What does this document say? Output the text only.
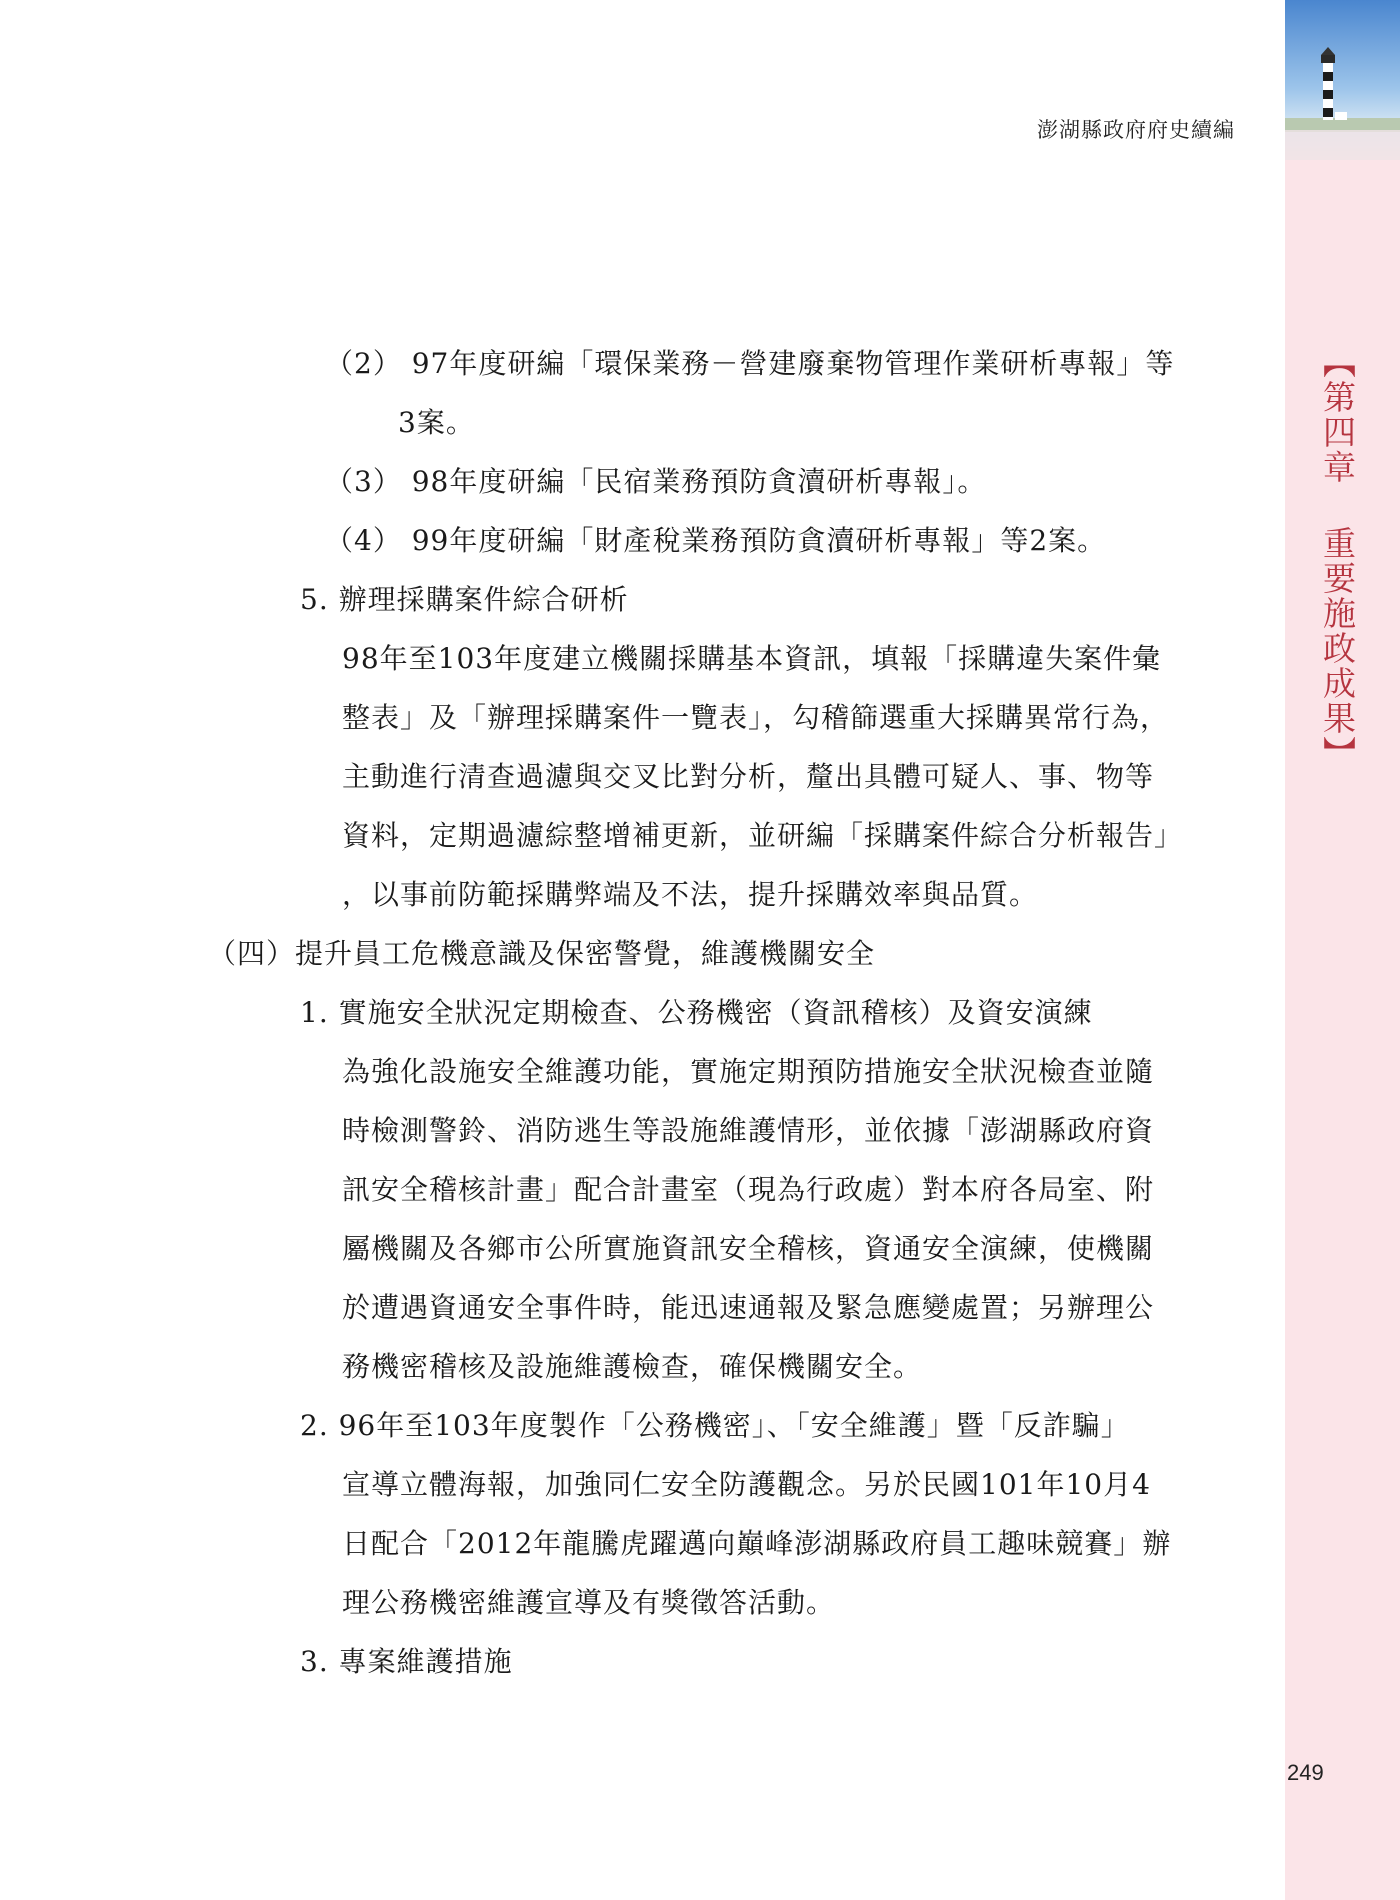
【第四章 重要施政成果】
澎湖縣政府府史續編
（2） 97年度研編「環保業務－營建廢棄物管理作業研析專報」等
3案。
（3） 98年度研編「民宿業務預防貪瀆研析專報」。
（4） 99年度研編「財產稅業務預防貪瀆研析專報」等2案。
5. 辦理採購案件綜合研析
98年至103年度建立機關採購基本資訊，填報「採購違失案件彙
整表」及「辦理採購案件一覽表」，勾稽篩選重大採購異常行為，
主動進行清查過濾與交叉比對分析，釐出具體可疑人、事、物等
資料，定期過濾綜整增補更新，並研編「採購案件綜合分析報告」
，以事前防範採購弊端及不法，提升採購效率與品質。
（四）提升員工危機意識及保密警覺，維護機關安全
1. 實施安全狀況定期檢查、公務機密（資訊稽核）及資安演練
為強化設施安全維護功能，實施定期預防措施安全狀況檢查並隨
時檢測警鈴、消防逃生等設施維護情形，並依據「澎湖縣政府資
訊安全稽核計畫」配合計畫室（現為行政處）對本府各局室、附
屬機關及各鄉市公所實施資訊安全稽核，資通安全演練，使機關
於遭遇資通安全事件時，能迅速通報及緊急應變處置；另辦理公
務機密稽核及設施維護檢查，確保機關安全。
2. 96年至103年度製作「公務機密」、「安全維護」暨「反詐騙」
宣導立體海報，加強同仁安全防護觀念。另於民國101年10月4
日配合「2012年龍騰虎躍邁向巔峰澎湖縣政府員工趣味競賽」辦
理公務機密維護宣導及有獎徵答活動。
3. 專案維護措施
249
